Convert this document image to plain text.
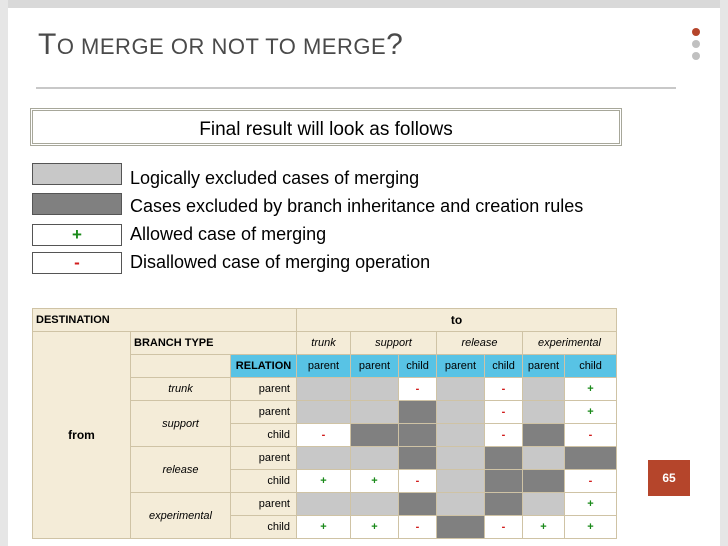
TO MERGE OR NOT TO MERGE?
Final result will look as follows
Logically excluded cases of merging
Cases excluded by branch inheritance and creation rules
+	Allowed case of merging
-	Disallowed case of merging operation
DESTINATION			to						
from	BRANCH TYPE		trunk	support		release		experimental	
		RELATION	parent	parent	child	parent	child	parent	child
	trunk	parent			-		-		+
	support	parent					-		+
		child	-				-		-
	release	parent							
		child	+	+	-				-
	experimental	parent							+
		child	+	+	-		-	+	+
65
